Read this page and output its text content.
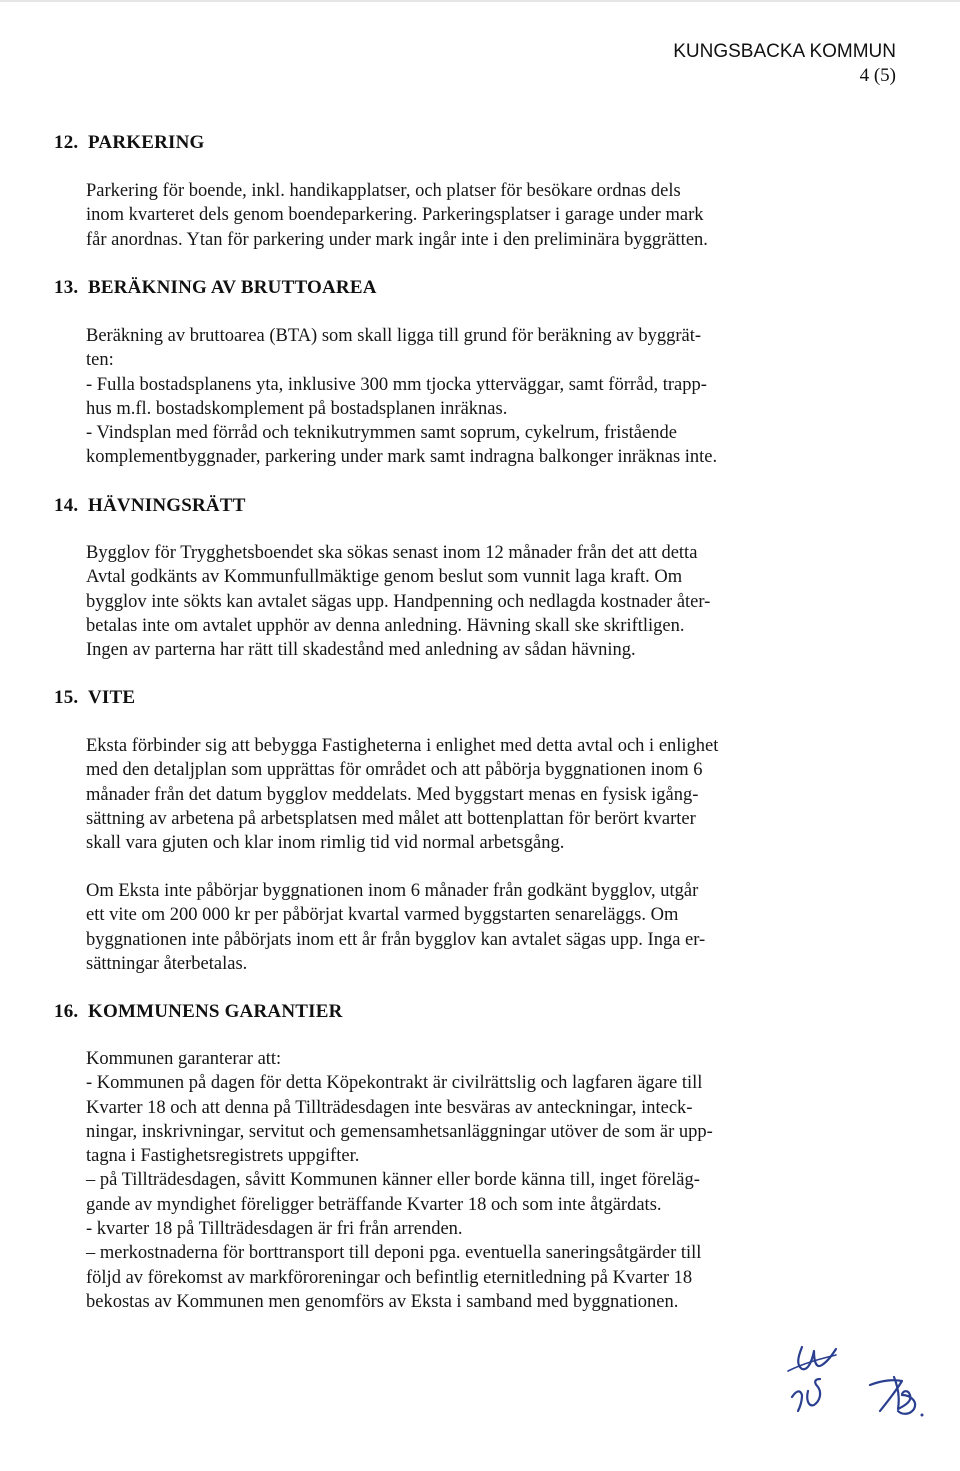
KUNGSBACKA KOMMUN
4 (5)
12. PARKERING

Parkering för boende, inkl. handikapplatser, och platser för besökare ordnas dels
inom kvarteret dels genom boendeparkering. Parkeringsplatser i garage under mark
får anordnas. Ytan för parkering under mark ingår inte i den preliminära byggrätten.

13. BERÄKNING AV BRUTTOAREA

Beräkning av bruttoarea (BTA) som skall ligga till grund för beräkning av byggrät-
ten:
- Fulla bostadsplanens yta, inklusive 300 mm tjocka ytterväggar, samt förråd, trapp-
hus m.fl. bostadskomplement på bostadsplanen inräknas.
- Vindsplan med förråd och teknikutrymmen samt soprum, cykelrum, fristående
komplementbyggnader, parkering under mark samt indragna balkonger inräknas inte.

14. HÄVNINGSRÄTT

Bygglov för Trygghetsboendet ska sökas senast inom 12 månader från det att detta
Avtal godkänts av Kommunfullmäktige genom beslut som vunnit laga kraft. Om
bygglov inte sökts kan avtalet sägas upp. Handpenning och nedlagda kostnader åter-
betalas inte om avtalet upphör av denna anledning. Hävning skall ske skriftligen.
Ingen av parterna har rätt till skadestånd med anledning av sådan hävning.

15. VITE

Eksta förbinder sig att bebygga Fastigheterna i enlighet med detta avtal och i enlighet
med den detaljplan som upprättas för området och att påbörja byggnationen inom 6
månader från det datum bygglov meddelats. Med byggstart menas en fysisk igång-
sättning av arbetena på arbetsplatsen med målet att bottenplattan för berört kvarter
skall vara gjuten och klar inom rimlig tid vid normal arbetsgång.

Om Eksta inte påbörjar byggnationen inom 6 månader från godkänt bygglov, utgår
ett vite om 200 000 kr per påbörjat kvartal varmed byggstarten senareläggs. Om
byggnationen inte påbörjats inom ett år från bygglov kan avtalet sägas upp. Inga er-
sättningar återbetalas.

16. KOMMUNENS GARANTIER

Kommunen garanterar att:
- Kommunen på dagen för detta Köpekontrakt är civilrättslig och lagfaren ägare till
Kvarter 18 och att denna på Tillträdesdagen inte besväras av anteckningar, inteck-
ningar, inskrivningar, servitut och gemensamhetsanläggningar utöver de som är upp-
tagna i Fastighetsregistrets uppgifter.
– på Tillträdesdagen, såvitt Kommunen känner eller borde känna till, inget föreläg-
gande av myndighet föreligger beträffande Kvarter 18 och som inte åtgärdats.
- kvarter 18 på Tillträdesdagen är fri från arrenden.
– merkostnaderna för borttransport till deponi pga. eventuella saneringsåtgärder till
följd av förekomst av markföroreningar och befintlig eternitledning på Kvarter 18
bekostas av Kommunen men genomförs av Eksta i samband med byggnationen.
